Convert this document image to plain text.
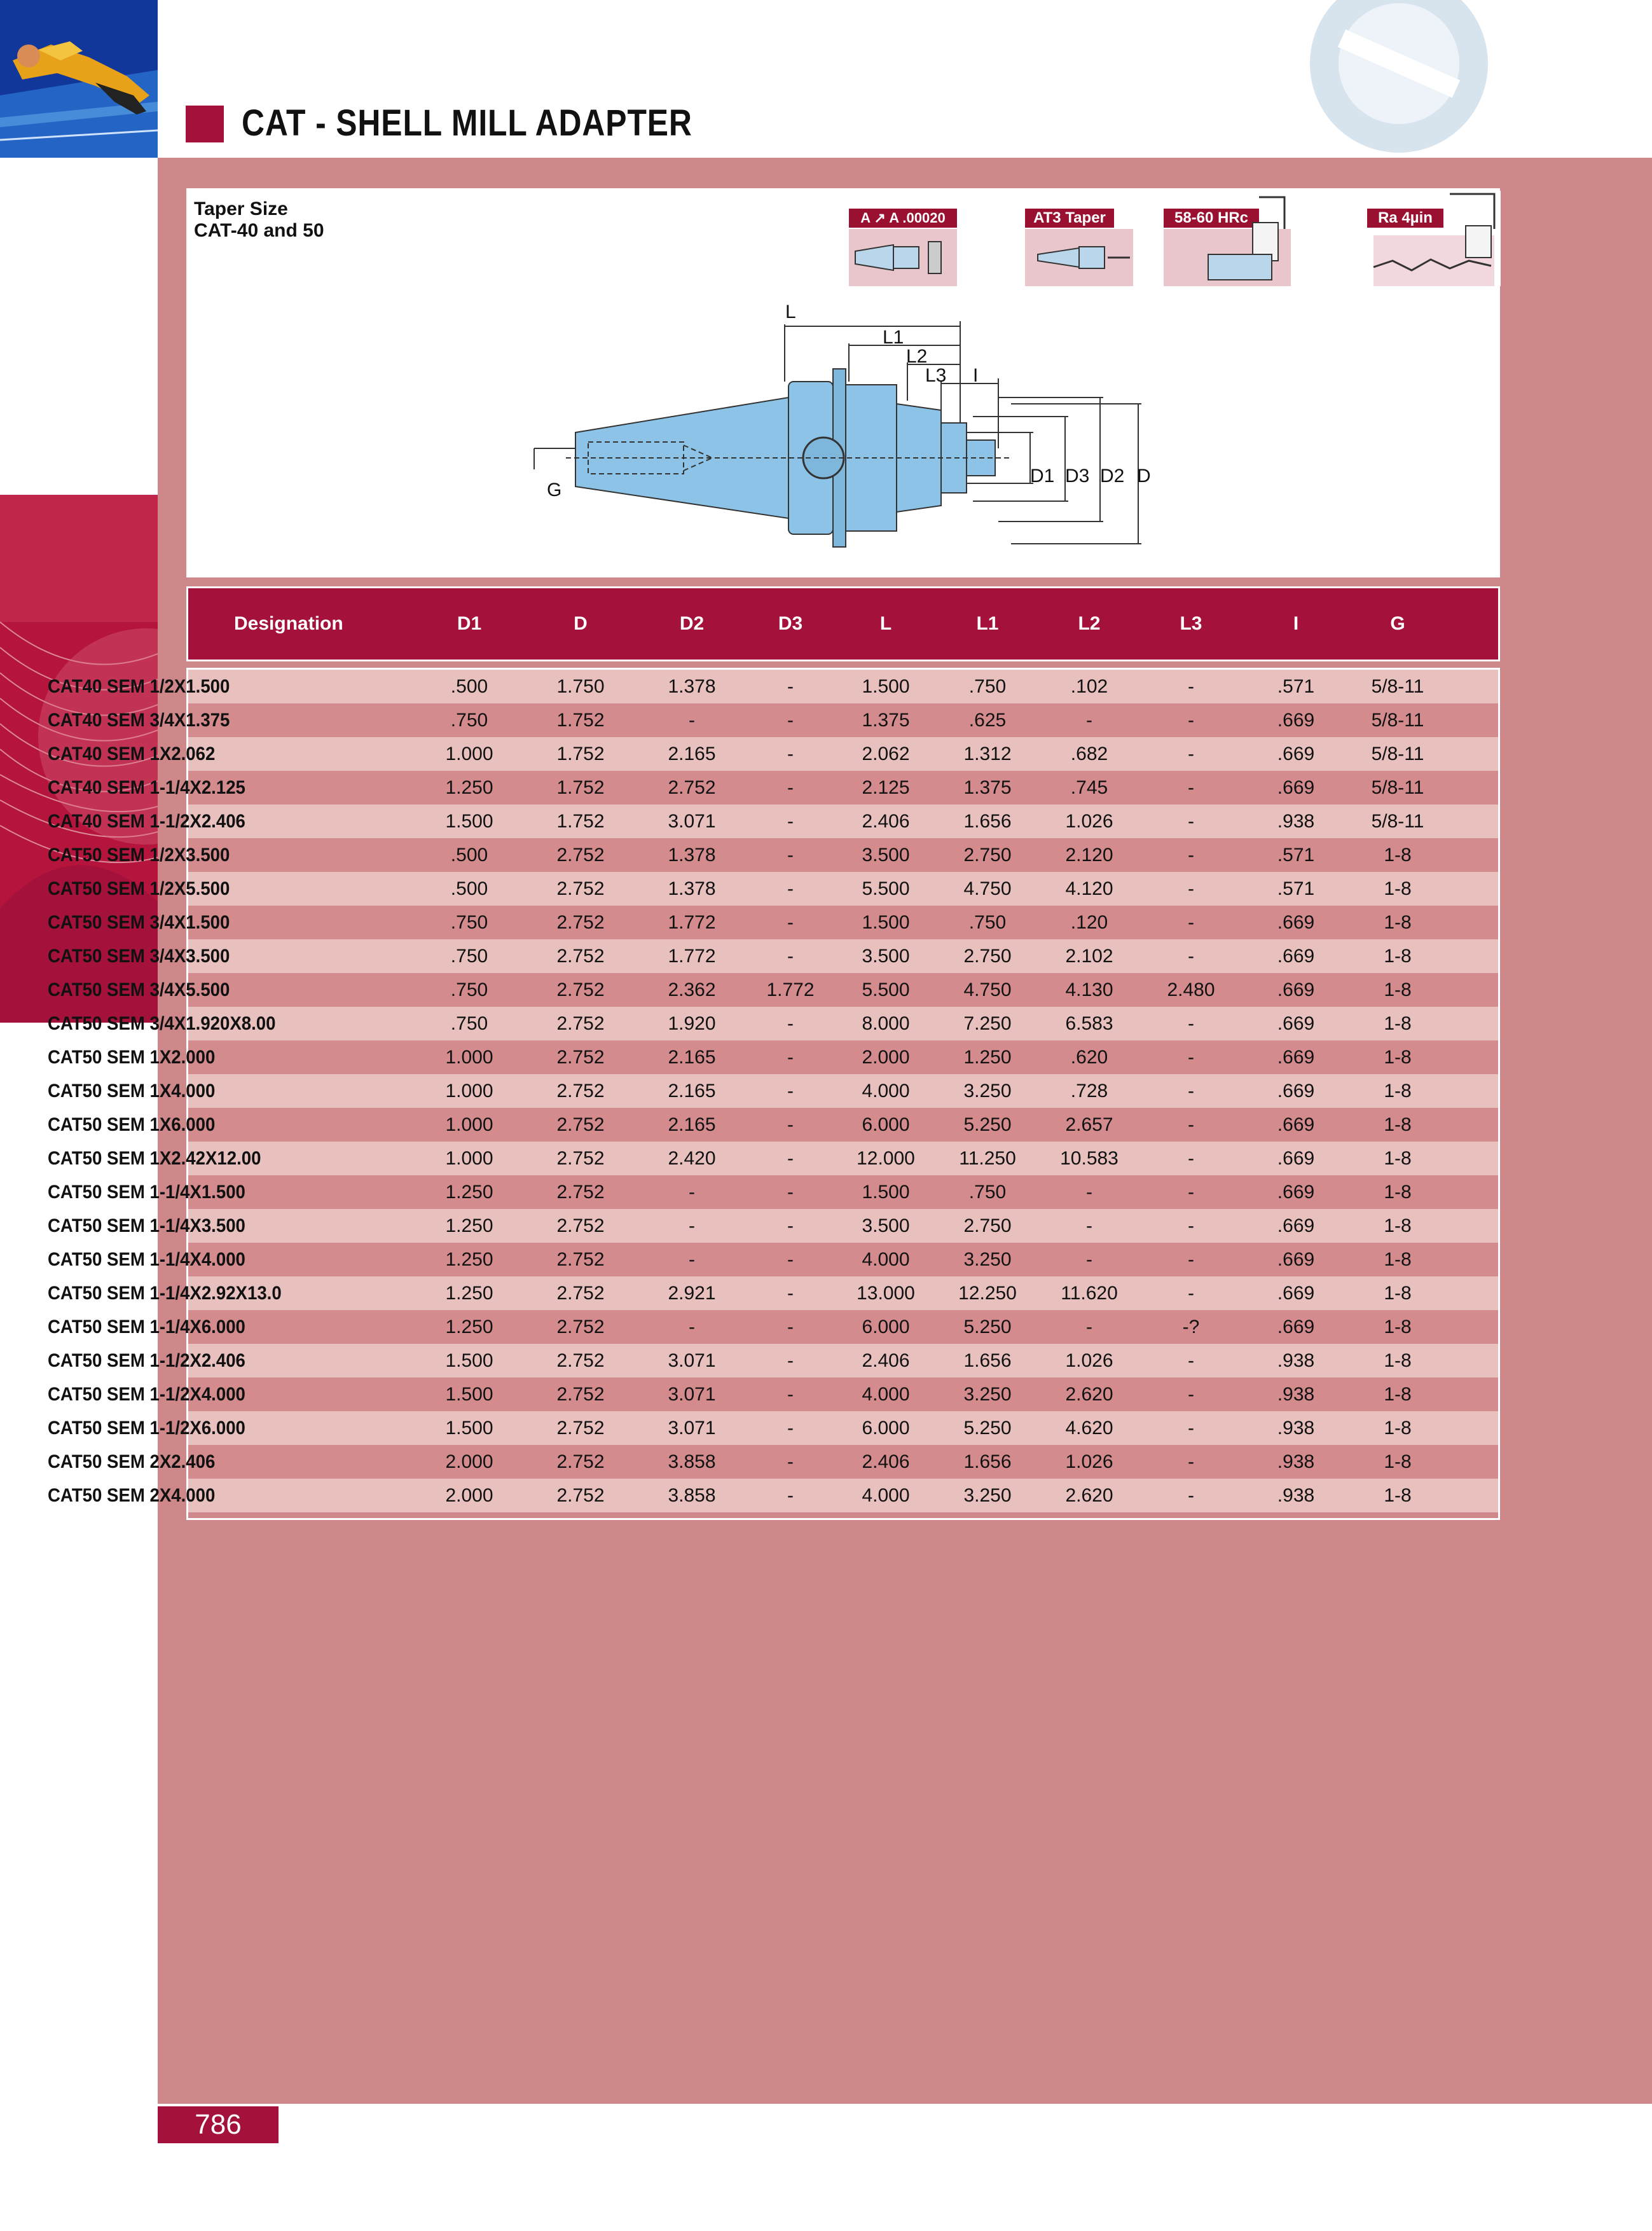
CAT - SHELL MILL ADAPTER
Taper Size
CAT-40 and 50
A ↗ A .00020	AT3 Taper	58-60 HRc	Ra 4µin
L
L1
L2
L3 I
G
D1 D3 D2 D
Designation	D1	D	D2	D3	L	L1	L2	L3	I	G
CAT40 SEM 1/2X1.500	.500	1.750	1.378	-	1.500	.750	.102	-	.571	5/8-11
CAT40 SEM 3/4X1.375	.750	1.752	-	-	1.375	.625	-	-	.669	5/8-11
CAT40 SEM 1X2.062	1.000	1.752	2.165	-	2.062	1.312	.682	-	.669	5/8-11
CAT40 SEM 1-1/4X2.125	1.250	1.752	2.752	-	2.125	1.375	.745	-	.669	5/8-11
CAT40 SEM 1-1/2X2.406	1.500	1.752	3.071	-	2.406	1.656	1.026	-	.938	5/8-11
CAT50 SEM 1/2X3.500	.500	2.752	1.378	-	3.500	2.750	2.120	-	.571	1-8
CAT50 SEM 1/2X5.500	.500	2.752	1.378	-	5.500	4.750	4.120	-	.571	1-8
CAT50 SEM 3/4X1.500	.750	2.752	1.772	-	1.500	.750	.120	-	.669	1-8
CAT50 SEM 3/4X3.500	.750	2.752	1.772	-	3.500	2.750	2.102	-	.669	1-8
CAT50 SEM 3/4X5.500	.750	2.752	2.362	1.772	5.500	4.750	4.130	2.480	.669	1-8
CAT50 SEM 3/4X1.920X8.00	.750	2.752	1.920	-	8.000	7.250	6.583	-	.669	1-8
CAT50 SEM 1X2.000	1.000	2.752	2.165	-	2.000	1.250	.620	-	.669	1-8
CAT50 SEM 1X4.000	1.000	2.752	2.165	-	4.000	3.250	.728	-	.669	1-8
CAT50 SEM 1X6.000	1.000	2.752	2.165	-	6.000	5.250	2.657	-	.669	1-8
CAT50 SEM 1X2.42X12.00	1.000	2.752	2.420	-	12.000	11.250	10.583	-	.669	1-8
CAT50 SEM 1-1/4X1.500	1.250	2.752	-	-	1.500	.750	-	-	.669	1-8
CAT50 SEM 1-1/4X3.500	1.250	2.752	-	-	3.500	2.750	-	-	.669	1-8
CAT50 SEM 1-1/4X4.000	1.250	2.752	-	-	4.000	3.250	-	-	.669	1-8
CAT50 SEM 1-1/4X2.92X13.0	1.250	2.752	2.921	-	13.000	12.250	11.620	-	.669	1-8
CAT50 SEM 1-1/4X6.000	1.250	2.752	-	-	6.000	5.250	-	-?	.669	1-8
CAT50 SEM 1-1/2X2.406	1.500	2.752	3.071	-	2.406	1.656	1.026	-	.938	1-8
CAT50 SEM 1-1/2X4.000	1.500	2.752	3.071	-	4.000	3.250	2.620	-	.938	1-8
CAT50 SEM 1-1/2X6.000	1.500	2.752	3.071	-	6.000	5.250	4.620	-	.938	1-8
CAT50 SEM 2X2.406	2.000	2.752	3.858	-	2.406	1.656	1.026	-	.938	1-8
CAT50 SEM 2X4.000	2.000	2.752	3.858	-	4.000	3.250	2.620	-	.938	1-8
786
